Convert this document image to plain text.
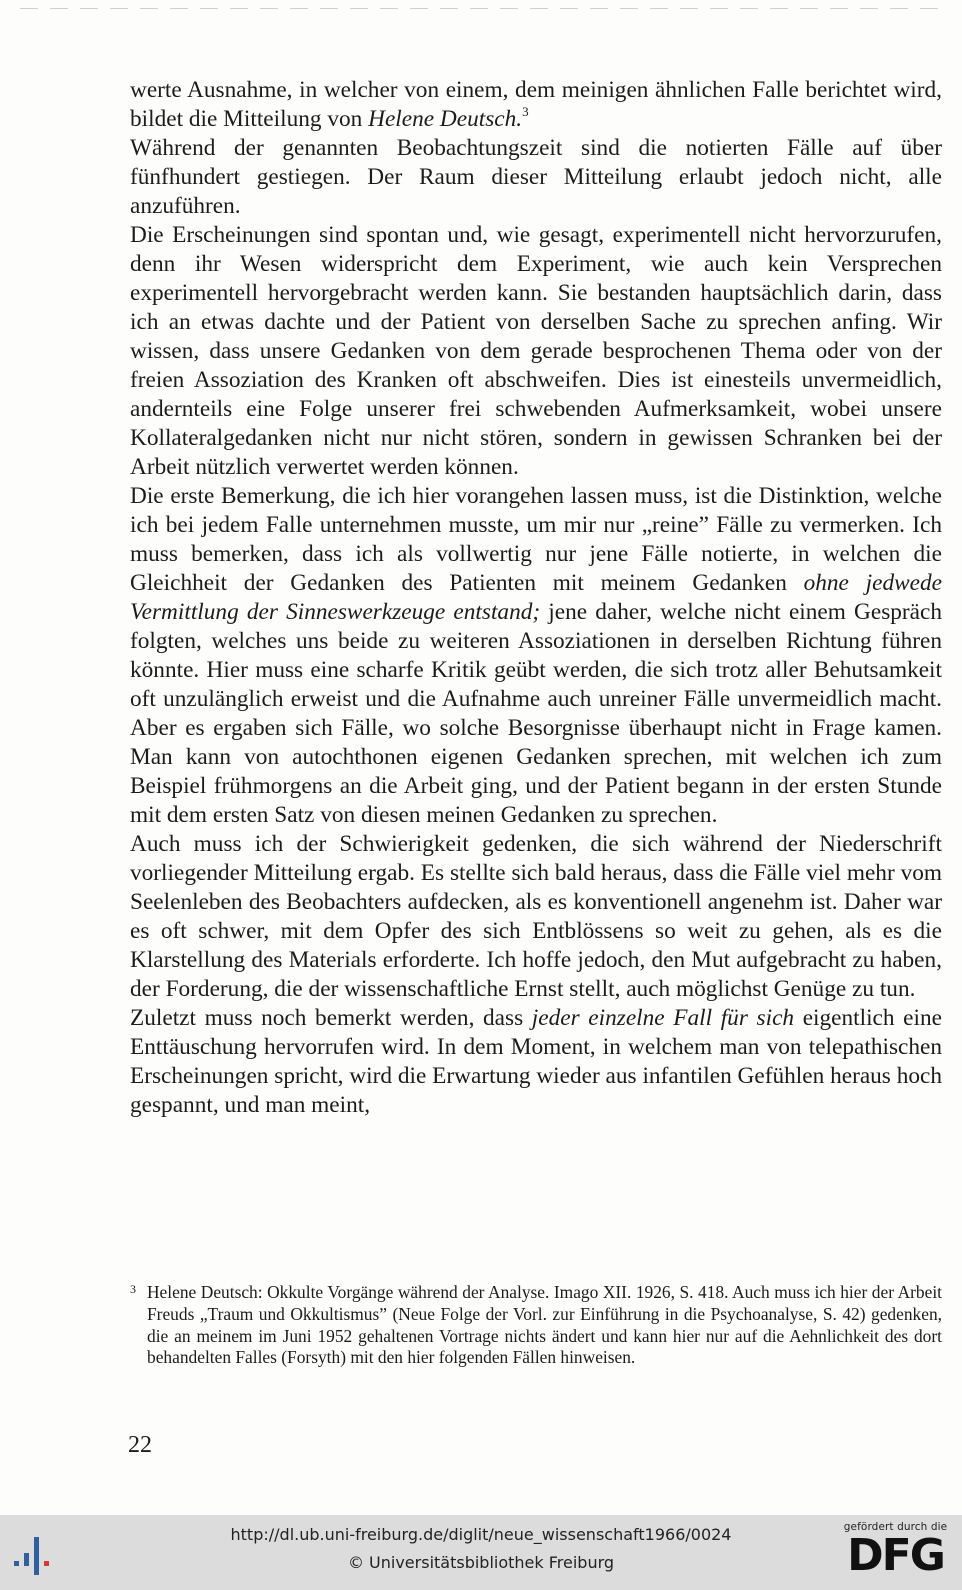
werte Ausnahme, in welcher von einem, dem meinigen ähnlichen Falle berichtet wird, bildet die Mitteilung von Helene Deutsch.$^3$

Während der genannten Beobachtungszeit sind die notierten Fälle auf über fünfhundert gestiegen. Der Raum dieser Mitteilung erlaubt jedoch nicht, alle anzuführen.

Die Erscheinungen sind spontan und, wie gesagt, experimentell nicht hervorzurufen, denn ihr Wesen widerspricht dem Experiment, wie auch kein Versprechen experimentell hervorgebracht werden kann. Sie bestanden hauptsächlich darin, dass ich an etwas dachte und der Patient von derselben Sache zu sprechen anfing. Wir wissen, dass unsere Gedanken von dem gerade besprochenen Thema oder von der freien Assoziation des Kranken oft abschweifen. Dies ist einesteils unvermeidlich, andernteils eine Folge unserer frei schwebenden Aufmerksamkeit, wobei unsere Kollateralgedanken nicht nur nicht stören, sondern in gewissen Schranken bei der Arbeit nützlich verwertet werden können.

Die erste Bemerkung, die ich hier vorangehen lassen muss, ist die Distinktion, welche ich bei jedem Falle unternehmen musste, um mir nur „reine” Fälle zu vermerken. Ich muss bemerken, dass ich als vollwertig nur jene Fälle notierte, in welchen die Gleichheit der Gedanken des Patienten mit meinem Gedanken ohne jedwede Vermittlung der Sinneswerkzeuge entstand; jene daher, welche nicht einem Gespräch folgten, welches uns beide zu weiteren Assoziationen in derselben Richtung führen könnte. Hier muss eine scharfe Kritik geübt werden, die sich trotz aller Behutsamkeit oft unzulänglich erweist und die Aufnahme auch unreiner Fälle unvermeidlich macht. Aber es ergaben sich Fälle, wo solche Besorgnisse überhaupt nicht in Frage kamen. Man kann von autochthonen eigenen Gedanken sprechen, mit welchen ich zum Beispiel frühmorgens an die Arbeit ging, und der Patient begann in der ersten Stunde mit dem ersten Satz von diesen meinen Gedanken zu sprechen.

Auch muss ich der Schwierigkeit gedenken, die sich während der Niederschrift vorliegender Mitteilung ergab. Es stellte sich bald heraus, dass die Fälle viel mehr vom Seelenleben des Beobachters aufdecken, als es konventionell angenehm ist. Daher war es oft schwer, mit dem Opfer des sich Entblössens so weit zu gehen, als es die Klarstellung des Materials erforderte. Ich hoffe jedoch, den Mut aufgebracht zu haben, der Forderung, die der wissenschaftliche Ernst stellt, auch möglichst Genüge zu tun.

Zuletzt muss noch bemerkt werden, dass jeder einzelne Fall für sich eigentlich eine Enttäuschung hervorrufen wird. In dem Moment, in welchem man von telepathischen Erscheinungen spricht, wird die Erwartung wieder aus infantilen Gefühlen heraus hoch gespannt, und man meint,

3 Helene Deutsch: Okkulte Vorgänge während der Analyse. Imago XII. 1926, S. 418. Auch muss ich hier der Arbeit Freuds „Traum und Okkultismus” (Neue Folge der Vorl. zur Einführung in die Psychoanalyse, S. 42) gedenken, die an meinem im Juni 1952 gehaltenen Vortrage nichts ändert und kann hier nur auf die Aehnlichkeit des dort behandelten Falles (Forsyth) mit den hier folgenden Fällen hinweisen.
22
http://dl.ub.uni-freiburg.de/diglit/neue_wissenschaft1966/0024
© Universitätsbibliothek Freiburg
gefördert durch die
DFG
